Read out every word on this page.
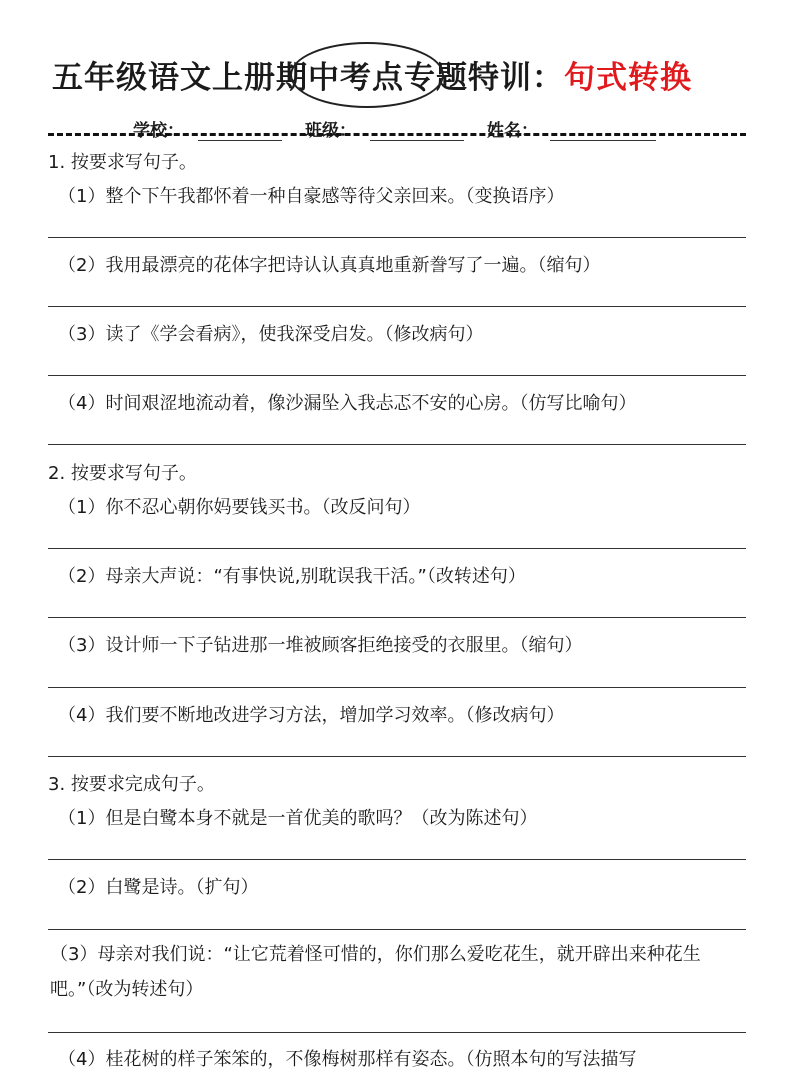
五年级语文上册期中考点专题特训：句式转换
学校：	班级：	姓名：
1. 按要求写句子。
（1）整个下午我都怀着一种自豪感等待父亲回来。（变换语序）
（2）我用最漂亮的花体字把诗认认真真地重新誊写了一遍。（缩句）
（3）读了《学会看病》，使我深受启发。（修改病句）
（4）时间艰涩地流动着，像沙漏坠入我忐忑不安的心房。（仿写比喻句）
2. 按要求写句子。
（1）你不忍心朝你妈要钱买书。（改反问句）
（2）母亲大声说：“有事快说,别耽误我干活。”（改转述句）
（3）设计师一下子钻进那一堆被顾客拒绝接受的衣服里。（缩句）
（4）我们要不断地改进学习方法，增加学习效率。（修改病句）
3. 按要求完成句子。
（1）但是白鹭本身不就是一首优美的歌吗？（改为陈述句）
（2）白鹭是诗。（扩句）
（3）母亲对我们说：“让它荒着怪可惜的，你们那么爱吃花生，就开辟出来种花生吧。”（改为转述句）
（4）桂花树的样子笨笨的，不像梅树那样有姿态。（仿照本句的写法描写
